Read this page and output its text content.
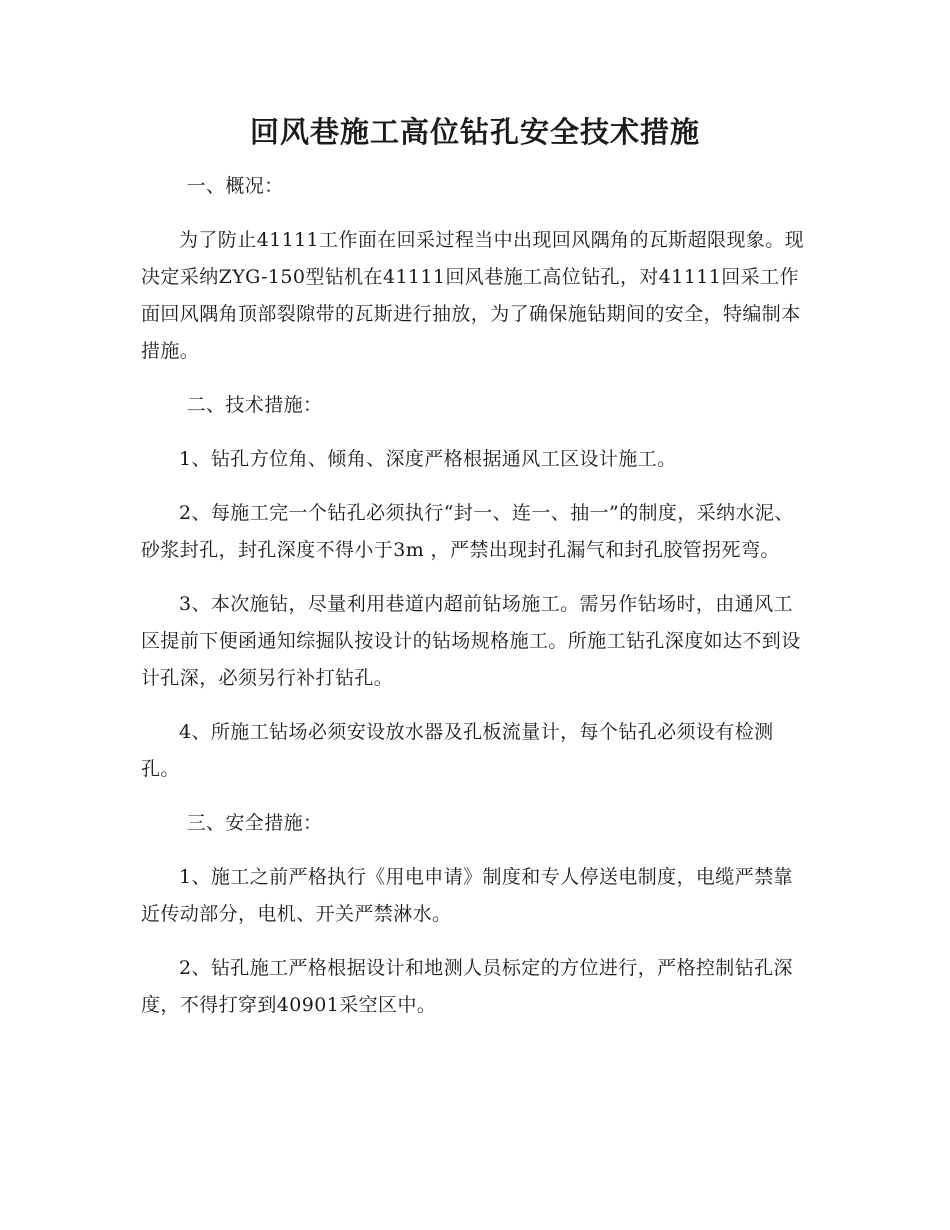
回风巷施工高位钻孔安全技术措施

一、概况：

为了防止41111工作面在回采过程当中出现回风隅角的瓦斯超限现象。现决定采纳ZYG-150型钻机在41111回风巷施工高位钻孔，对41111回采工作面回风隅角顶部裂隙带的瓦斯进行抽放，为了确保施钻期间的安全，特编制本措施。

二、技术措施：

1、钻孔方位角、倾角、深度严格根据通风工区设计施工。

2、每施工完一个钻孔必须执行“封一、连一、抽一”的制度，采纳水泥、砂浆封孔，封孔深度不得小于3m ，严禁出现封孔漏气和封孔胶管拐死弯。

3、本次施钻，尽量利用巷道内超前钻场施工。需另作钻场时，由通风工区提前下便函通知综掘队按设计的钻场规格施工。所施工钻孔深度如达不到设计孔深，必须另行补打钻孔。

4、所施工钻场必须安设放水器及孔板流量计，每个钻孔必须设有检测孔。

三、安全措施：

1、施工之前严格执行《用电申请》制度和专人停送电制度，电缆严禁靠近传动部分，电机、开关严禁淋水。

2、钻孔施工严格根据设计和地测人员标定的方位进行，严格控制钻孔深度，不得打穿到40901采空区中。
